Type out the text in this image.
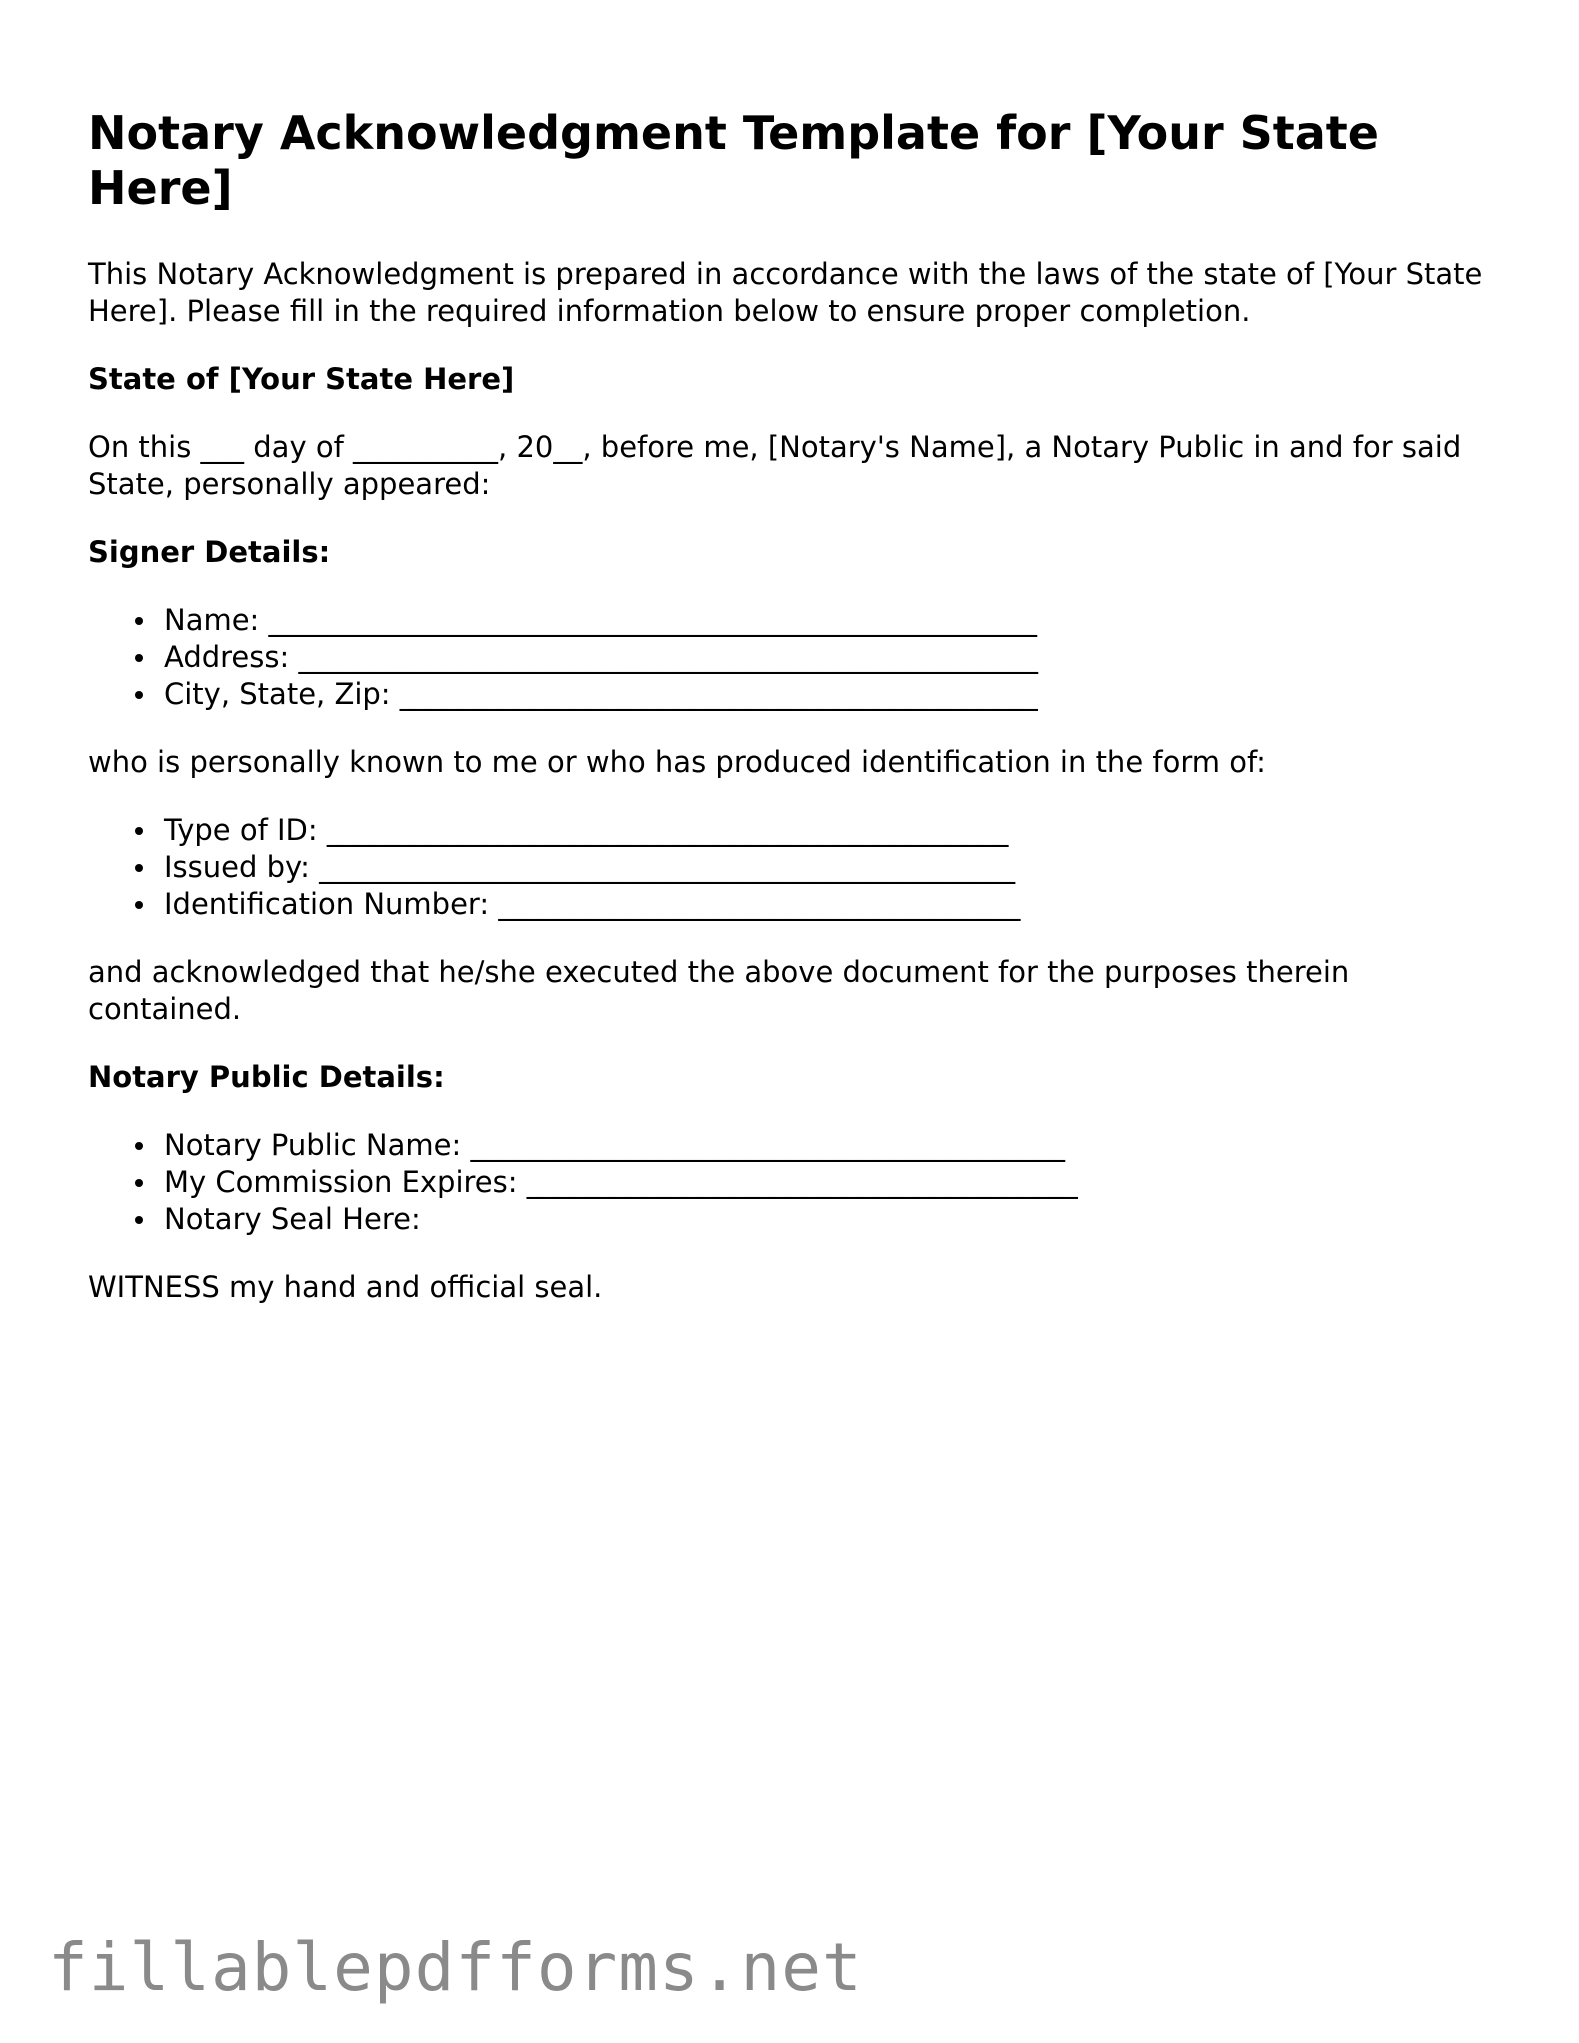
Notary Acknowledgment Template for [Your State Here]

This Notary Acknowledgment is prepared in accordance with the laws of the state of [Your State Here]. Please fill in the required information below to ensure proper completion.

State of [Your State Here]

On this ___ day of __________, 20__, before me, [Notary's Name], a Notary Public in and for said State, personally appeared:

Signer Details:
Name: _____________________________________________________
Address: ___________________________________________________
City, State, Zip: ____________________________________________

who is personally known to me or who has produced identification in the form of:

Type of ID: _______________________________________________
Issued by: ________________________________________________
Identification Number: ____________________________________

and acknowledged that he/she executed the above document for the purposes therein contained.

Notary Public Details:
Notary Public Name: _________________________________________
My Commission Expires: ______________________________________
Notary Seal Here:

WITNESS my hand and official seal.

fillablepdfforms.net
